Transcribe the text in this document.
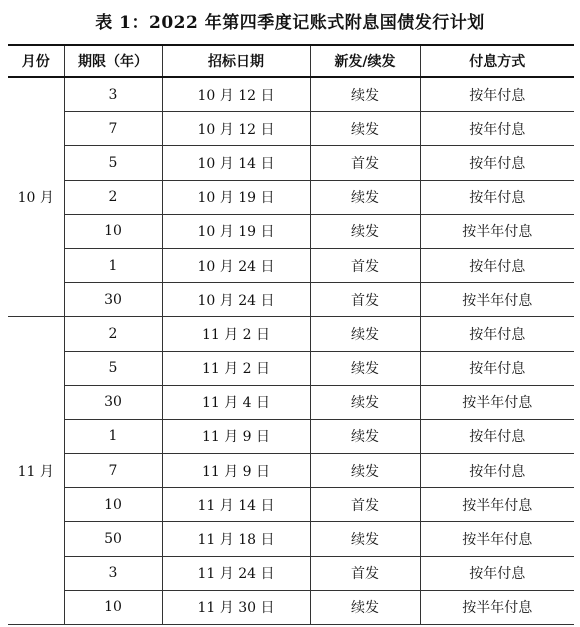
表 1：2022 年第四季度记账式附息国债发行计划
月份	期限（年）	招标日期	新发/续发	付息方式
10 月	3	10 月 12 日	续发	按年付息
	7	10 月 12 日	续发	按年付息
	5	10 月 14 日	首发	按年付息
	2	10 月 19 日	续发	按年付息
	10	10 月 19 日	续发	按半年付息
	1	10 月 24 日	首发	按年付息
	30	10 月 24 日	首发	按半年付息
11 月	2	11 月 2 日	续发	按年付息
	5	11 月 2 日	续发	按年付息
	30	11 月 4 日	续发	按半年付息
	1	11 月 9 日	续发	按年付息
	7	11 月 9 日	续发	按年付息
	10	11 月 14 日	首发	按半年付息
	50	11 月 18 日	续发	按半年付息
	3	11 月 24 日	首发	按年付息
	10	11 月 30 日	续发	按半年付息
